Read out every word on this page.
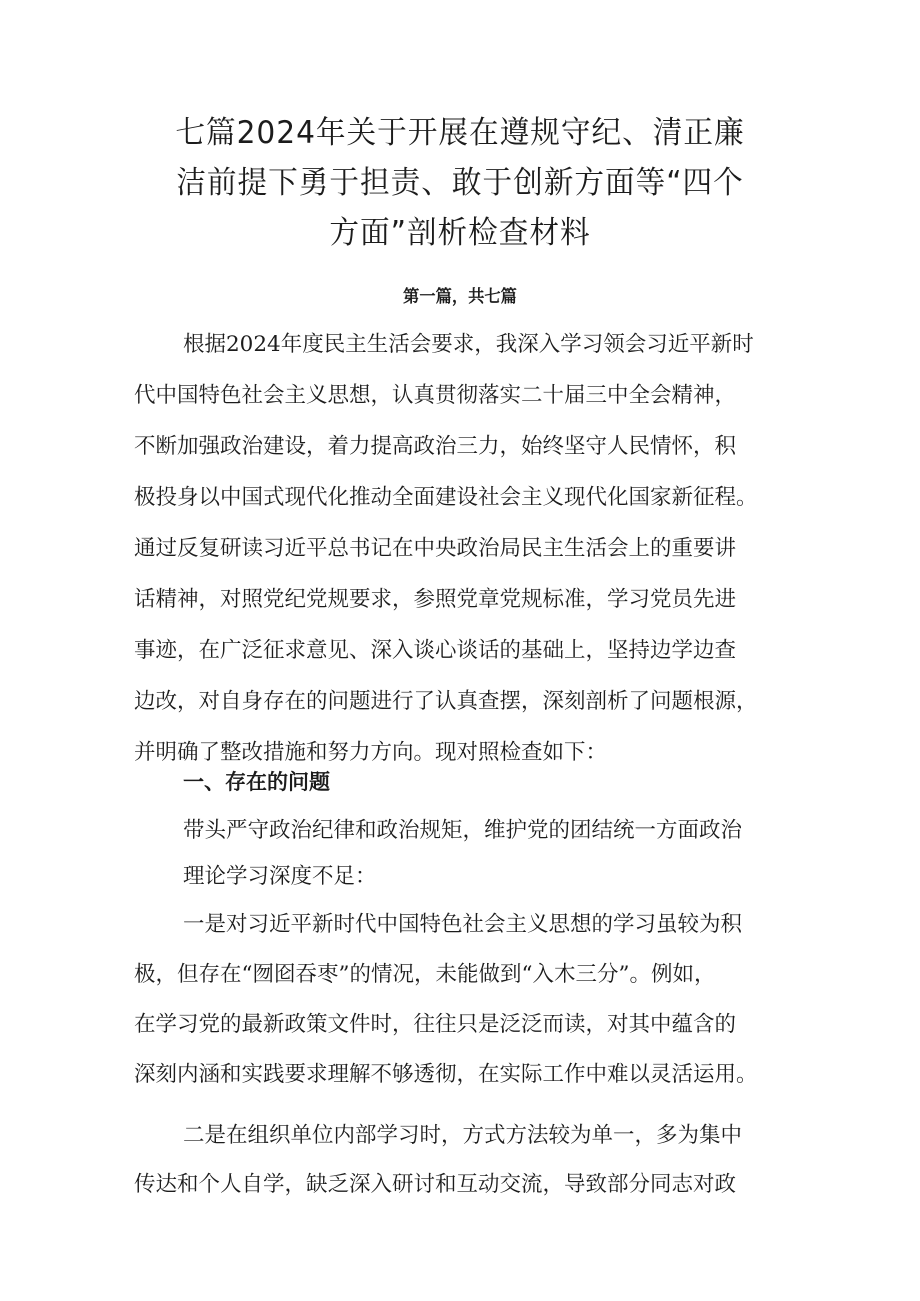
七篇2024年关于开展在遵规守纪、清正廉
洁前提下勇于担责、敢于创新方面等“四个
方面”剖析检查材料
第一篇，共七篇
根据2024年度民主生活会要求，我深入学习领会习近平新时
代中国特色社会主义思想，认真贯彻落实二十届三中全会精神，
不断加强政治建设，着力提高政治三力，始终坚守人民情怀，积
极投身以中国式现代化推动全面建设社会主义现代化国家新征程。
通过反复研读习近平总书记在中央政治局民主生活会上的重要讲
话精神，对照党纪党规要求，参照党章党规标准，学习党员先进
事迹，在广泛征求意见、深入谈心谈话的基础上，坚持边学边查
边改，对自身存在的问题进行了认真查摆，深刻剖析了问题根源，
并明确了整改措施和努力方向。现对照检查如下：
一、存在的问题
带头严守政治纪律和政治规矩，维护党的团结统一方面政治
理论学习深度不足：
一是对习近平新时代中国特色社会主义思想的学习虽较为积
极，但存在“囫囵吞枣”的情况，未能做到“入木三分”。例如，
在学习党的最新政策文件时，往往只是泛泛而读，对其中蕴含的
深刻内涵和实践要求理解不够透彻，在实际工作中难以灵活运用。
二是在组织单位内部学习时，方式方法较为单一，多为集中
传达和个人自学，缺乏深入研讨和互动交流，导致部分同志对政
